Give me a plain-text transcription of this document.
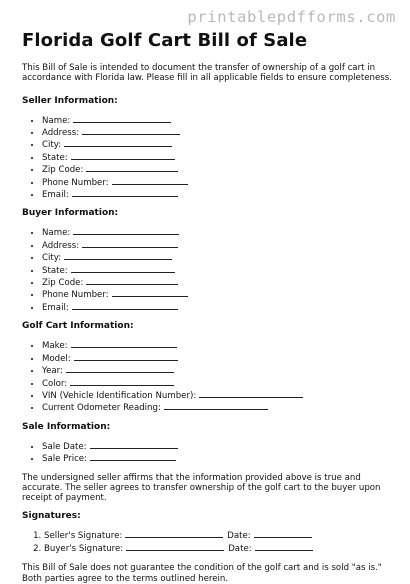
printablepdfforms.com
Florida Golf Cart Bill of Sale

This Bill of Sale is intended to document the transfer of ownership of a golf cart in accordance with Florida law. Please fill in all applicable fields to ensure completeness.

Seller Information:
• Name:
• Address:
• City:
• State:
• Zip Code:
• Phone Number:
• Email:
Buyer Information:
• Name:
• Address:
• City:
• State:
• Zip Code:
• Phone Number:
• Email:
Golf Cart Information:
• Make:
• Model:
• Year:
• Color:
• VIN (Vehicle Identification Number):
• Current Odometer Reading:
Sale Information:
• Sale Date:
• Sale Price:

The undersigned seller affirms that the information provided above is true and accurate. The seller agrees to transfer ownership of the golf cart to the buyer upon receipt of payment.

Signatures:
1. Seller's Signature:	Date:
2. Buyer's Signature:	Date:

This Bill of Sale does not guarantee the condition of the golf cart and is sold "as is." Both parties agree to the terms outlined herein.
